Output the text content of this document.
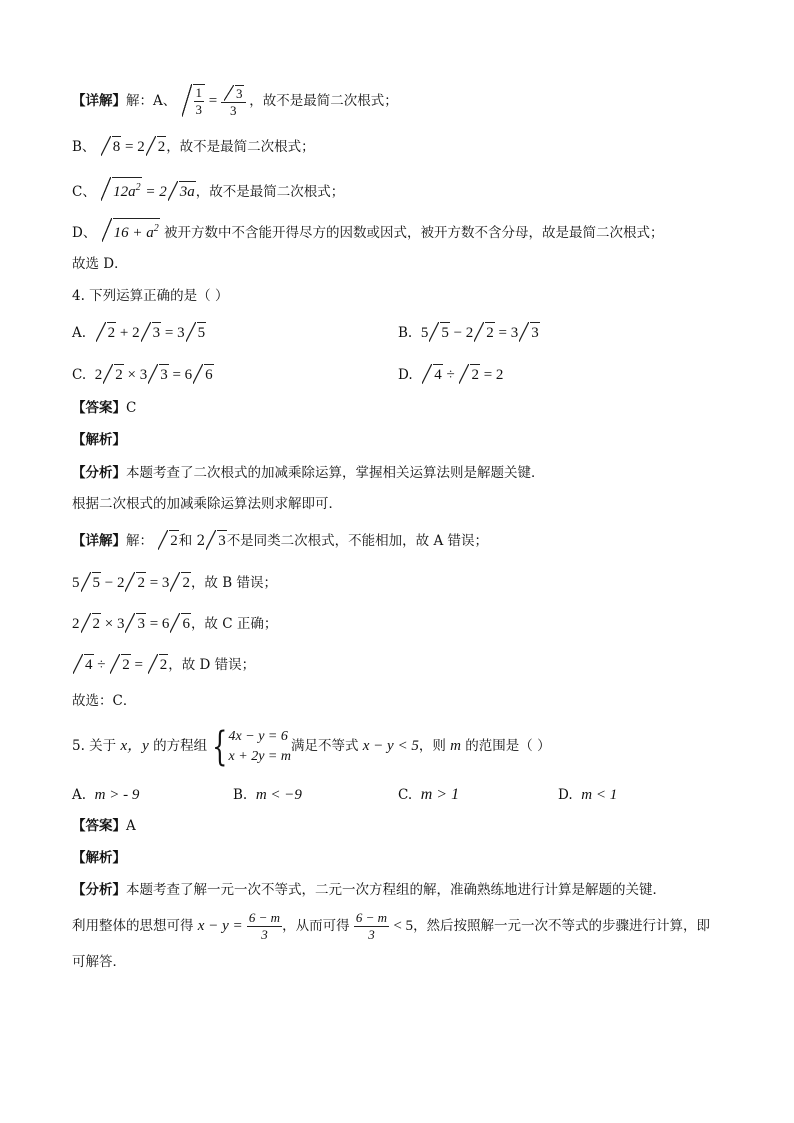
【详解】解：A、 $\frac{1}{3} = \frac{3}{3}$ ，故不是最简二次根式；
B、 8 = 2 2，故不是最简二次根式；
C、 $12a^2 = 2$ 3a，故不是最简二次根式；
D、 $16 + a^2$ 被开方数中不含能开得尽方的因数或因式，被开方数不含分母，故是最简二次根式；
故选 D．
4. 下列运算正确的是（ ）
A. 2 + 2 3 = 3 5	B. 5 5 − 2 2 = 3 3
C. 2 2 × 3 3 = 6 6	D. 4 ÷ 2 = 2
【答案】C
【解析】
【分析】本题考查了二次根式的加减乘除运算，掌握相关运算法则是解题关键．
根据二次根式的加减乘除运算法则求解即可．
【详解】解： 2和 2 3不是同类二次根式，不能相加，故 A 错误；
5 5 − 2 2 = 3 2，故 B 错误；
2 2 × 3 3 = 6 6，故 C 正确；
4 ÷ 2 = 2，故 D 错误；
故选：C．
5. 关于 x，y 的方程组 { 4x − y = 6
x + 2y = m
满足不等式 x − y < 5，则 m 的范围是（ ）
A. m > - 9	B. m < −9	C. m > 1	D. m < 1
【答案】A
【解析】
【分析】本题考查了解一元一次不等式，二元一次方程组的解，准确熟练地进行计算是解题的关键．
利用整体的思想可得 $x - y = \frac{6 - m}{3}$ ，从而可得 $\frac{6 - m}{3} < 5$，然后按照解一元一次不等式的步骤进行计算，即
可解答．
